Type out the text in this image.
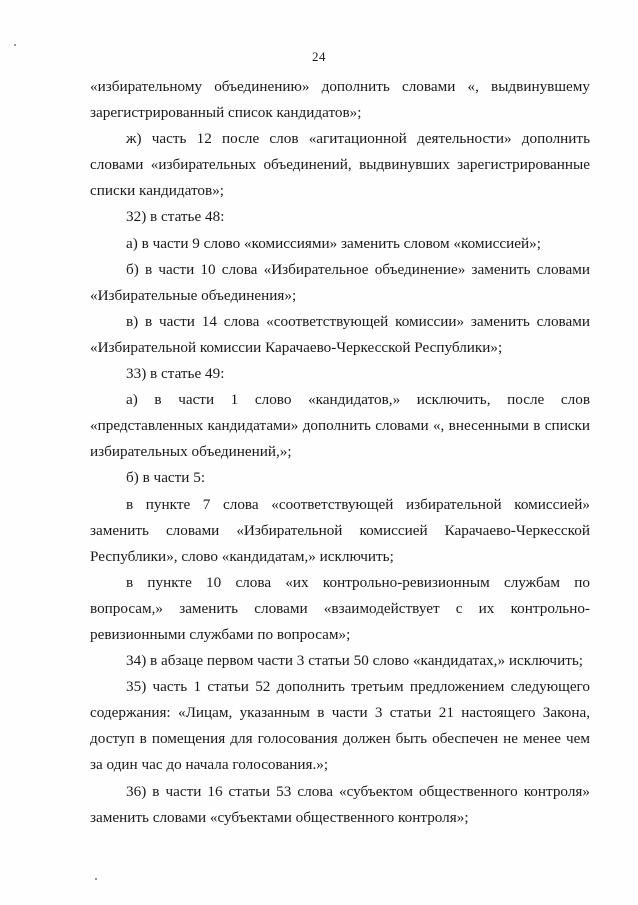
24

«избирательному объединению» дополнить словами «, выдвинувшему зарегистрированный список кандидатов»;

ж) часть 12 после слов «агитационной деятельности» дополнить словами «избирательных объединений, выдвинувших зарегистрированные списки кандидатов»;

32) в статье 48:

а) в части 9 слово «комиссиями» заменить словом «комиссией»;

б) в части 10 слова «Избирательное объединение» заменить словами «Избирательные объединения»;

в) в части 14 слова «соответствующей комиссии» заменить словами «Избирательной комиссии Карачаево-Черкесской Республики»;

33) в статье 49:

а) в части 1 слово «кандидатов,» исключить, после слов «представленных кандидатами» дополнить словами «, внесенными в списки избирательных объединений,»;

б) в части 5:

в пункте 7 слова «соответствующей избирательной комиссией» заменить словами «Избирательной комиссией Карачаево-Черкесской Республики», слово «кандидатам,» исключить;

в пункте 10 слова «их контрольно-ревизионным службам по вопросам,» заменить словами «взаимодействует с их контрольно-ревизионными службами по вопросам»;

34) в абзаце первом части 3 статьи 50 слово «кандидатах,» исключить;

35) часть 1 статьи 52 дополнить третьим предложением следующего содержания: «Лицам, указанным в части 3 статьи 21 настоящего Закона, доступ в помещения для голосования должен быть обеспечен не менее чем за один час до начала голосования.»;

36) в части 16 статьи 53 слова «субъектом общественного контроля» заменить словами «субъектами общественного контроля»;
